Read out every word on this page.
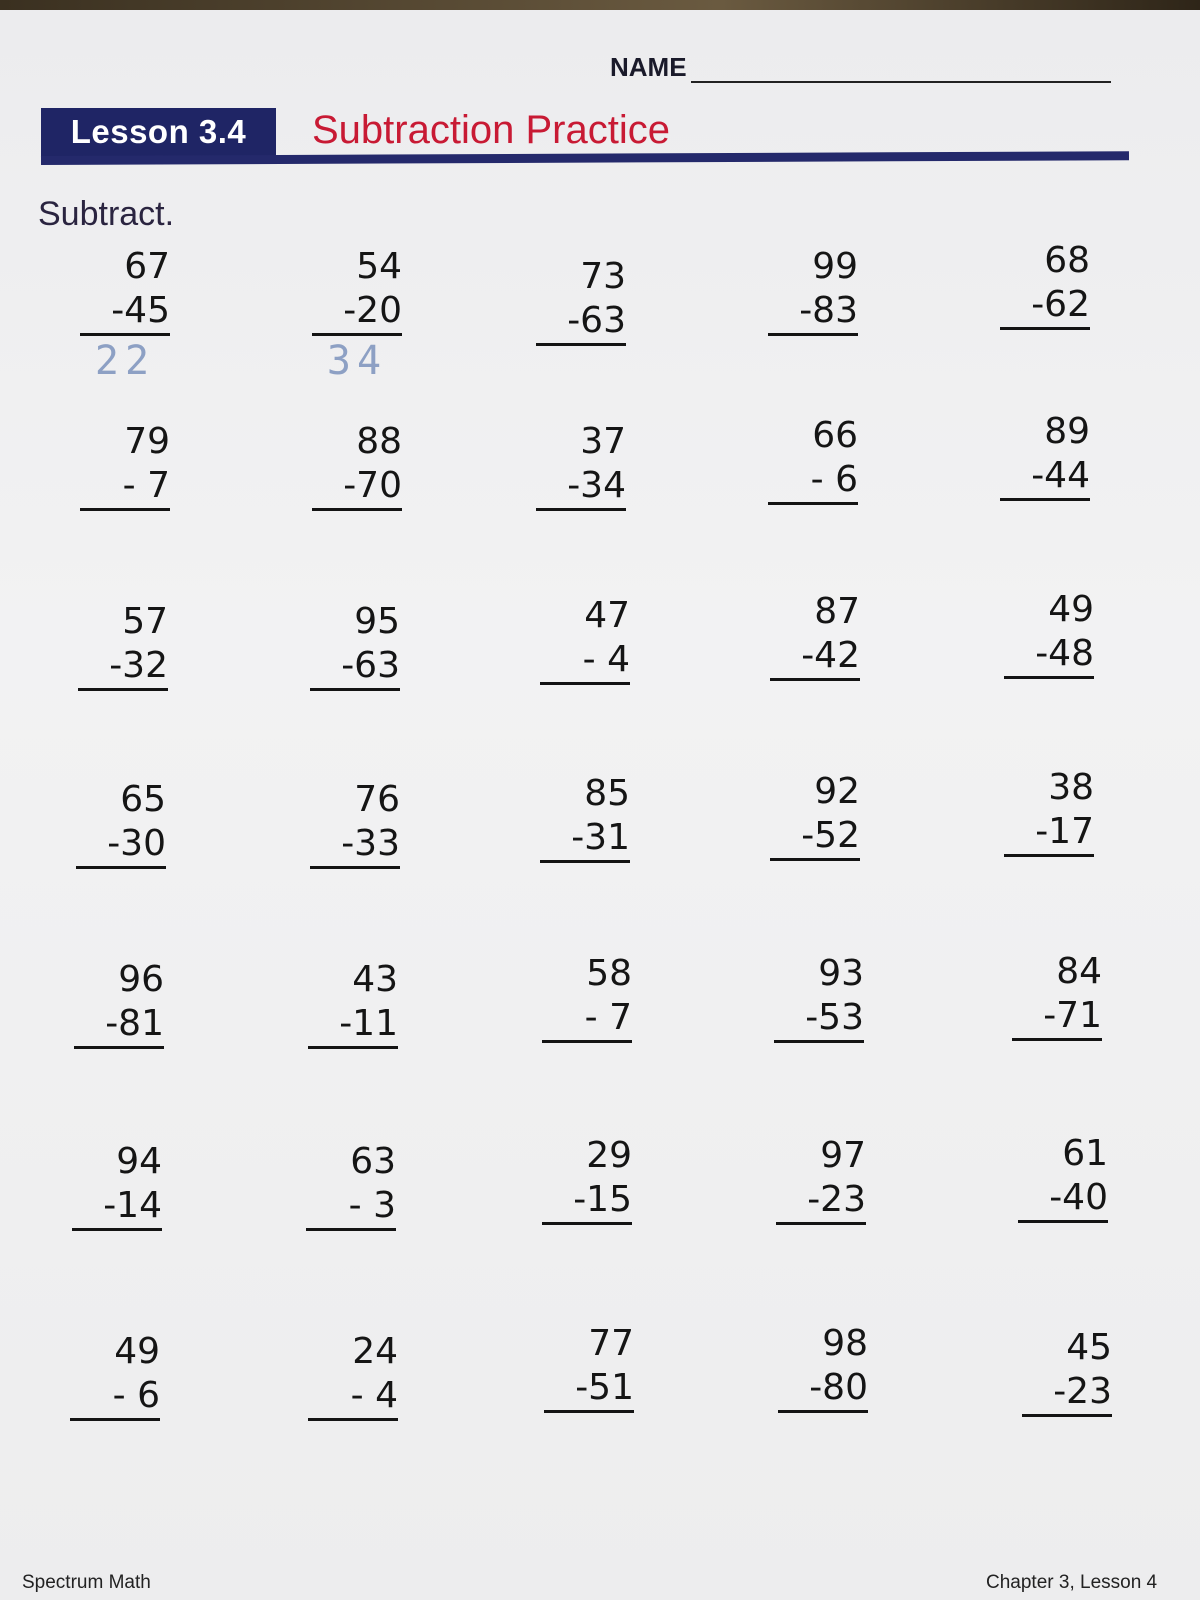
NAME
Lesson 3.4	Subtraction Practice
Subtract.
67
-45
22
54
-20
34
73
-63
99
-83
68
-62
79
- 7
88
-70
37
-34
66
- 6
89
-44
57
-32
95
-63
47
- 4
87
-42
49
-48
65
-30
76
-33
85
-31
92
-52
38
-17
96
-81
43
-11
58
- 7
93
-53
84
-71
94
-14
63
- 3
29
-15
97
-23
61
-40
49
- 6
24
- 4
77
-51
98
-80
45
-23
Spectrum Math	Chapter 3, Lesson 4
